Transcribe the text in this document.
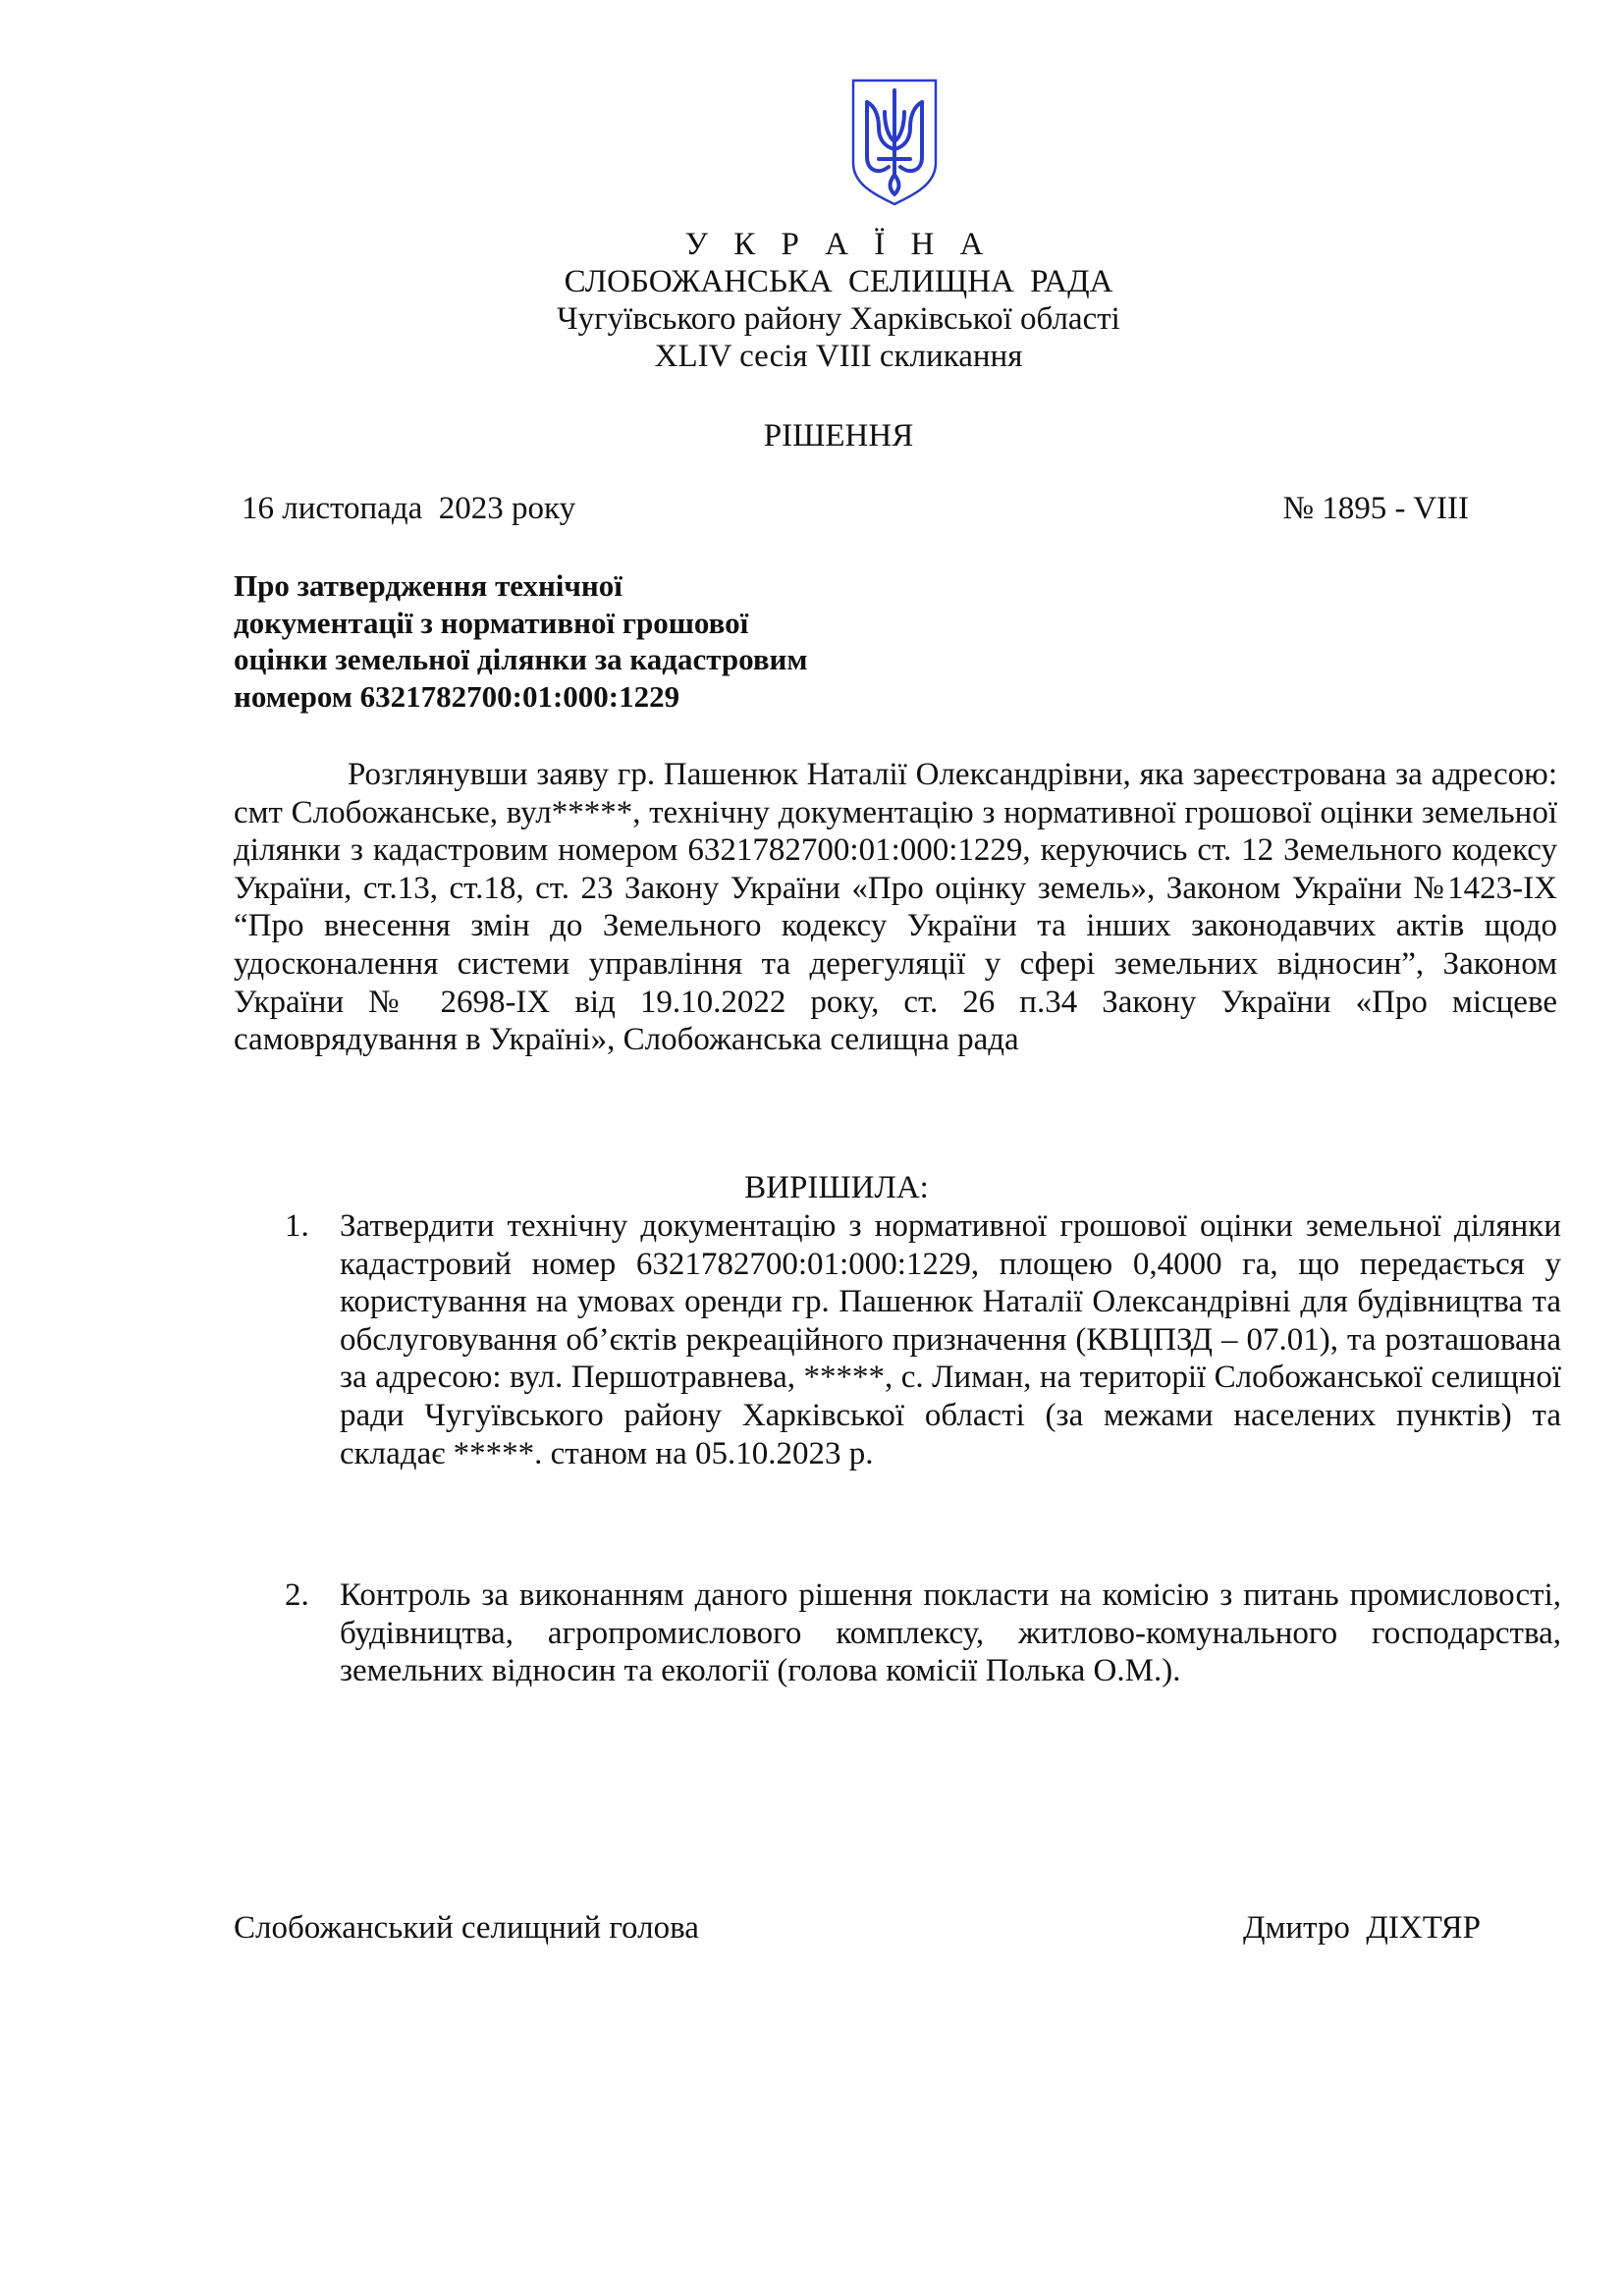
У К Р А Ї Н А
СЛОБОЖАНСЬКА СЕЛИЩНА РАДА
Чугуївського району Харківської області
XLIV сесія VIII скликання
РІШЕННЯ
16 листопада  2023 року	№ 1895 - VIII
Про затвердження технічної
документації з нормативної грошової
оцінки земельної ділянки за кадастровим
номером 6321782700:01:000:1229
Розглянувши заяву гр. Пашенюк Наталії Олександрівни, яка зареєстрована за адресою: смт Слобожанське, вул*****, технічну документацію з нормативної грошової оцінки земельної ділянки з кадастровим номером 6321782700:01:000:1229, керуючись ст. 12 Земельного кодексу України, ст.13, ст.18, ст. 23 Закону України «Про оцінку земель», Законом України №1423-IX “Про внесення змін до Земельного кодексу України та інших законодавчих актів щодо удосконалення системи управління та дерегуляції у сфері земельних відносин”, Законом України № 2698-IX від 19.10.2022 року, ст. 26 п.34 Закону України «Про місцеве самоврядування в Україні», Слобожанська селищна рада
ВИРІШИЛА:
1. Затвердити технічну документацію з нормативної грошової оцінки земельної ділянки кадастровий номер 6321782700:01:000:1229, площею 0,4000 га, що передається у користування на умовах оренди гр. Пашенюк Наталії Олександрівні для будівництва та обслуговування об’єктів рекреаційного призначення (КВЦПЗД – 07.01), та розташована за адресою: вул. Першотравнева, *****, с. Лиман, на території Слобожанської селищної ради Чугуївського району Харківської області (за межами населених пунктів) та складає *****. станом на 05.10.2023 р.
2. Контроль за виконанням даного рішення покласти на комісію з питань промисловості, будівництва, агропромислового комплексу, житлово-комунального господарства, земельних відносин та екології (голова комісії Полька О.М.).
Слобожанський селищний голова	Дмитро  ДІХТЯР
